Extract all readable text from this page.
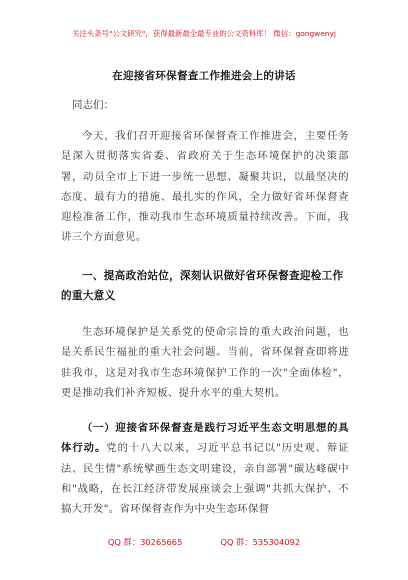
关注头条号"公文研究"，获得最新最全最专业的公文资料库！ 微信：gongwenyj
在迎接省环保督查工作推进会上的讲话
同志们：

今天，我们召开迎接省环保督查工作推进会，主要任务是深入贯彻落实省委、省政府关于生态环境保护的决策部署，动员全市上下进一步统一思想、凝聚共识，以最坚决的态度、最有力的措施、最扎实的作风，全力做好省环保督查迎检准备工作，推动我市生态环境质量持续改善。下面，我讲三个方面意见。

一、提高政治站位，深刻认识做好省环保督查迎检工作的重大意义

生态环境保护是关系党的使命宗旨的重大政治问题，也是关系民生福祉的重大社会问题。当前，省环保督查即将进驻我市，这是对我市生态环境保护工作的一次"全面体检"，更是推动我们补齐短板、提升水平的重大契机。

（一）迎接省环保督查是践行习近平生态文明思想的具体行动。党的十八大以来，习近平总书记以"历史观、辩证法、民生情"系统擘画生态文明建设，亲自部署"碳达峰碳中和"战略，在长江经济带发展座谈会上强调"共抓大保护、不搞大开发"。省环保督查作为中央生态环保督

QQ 群：30265665	QQ 群：535304092
